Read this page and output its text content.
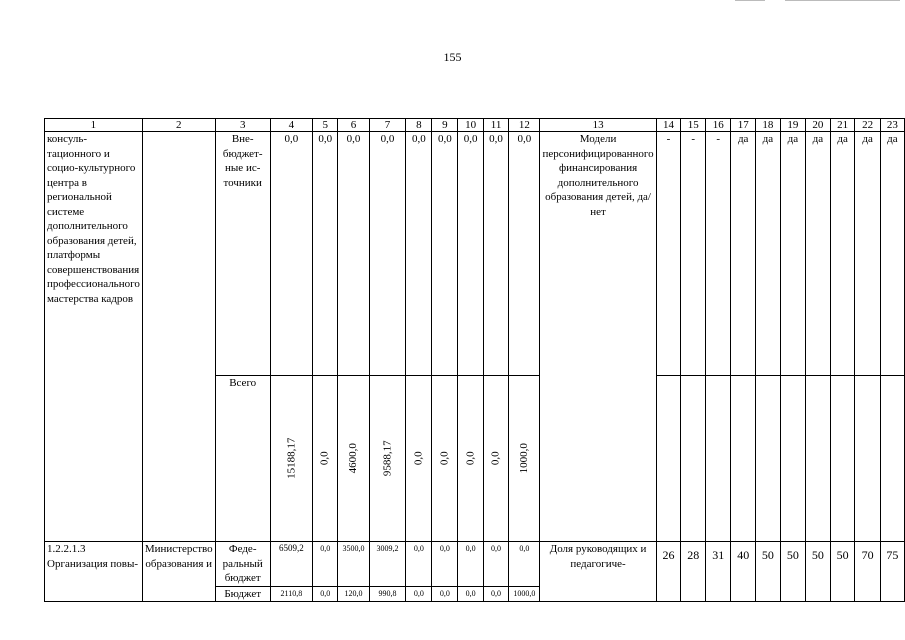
155
1	2	3	4	5	6	7	8	9	10	11	12	13	14	15	16	17	18	19	20	21	22	23
консуль-тационного и социо-культурного центра в региональной системе дополнительного образования детей, платформы совершенствования профессионального мастерства кадров		Вне-бюджет-ные ис-точники	0,0	0,0	0,0	0,0	0,0	0,0	0,0	0,0	0,0	Модели персонифицированного финансирования дополнительного образования детей, да/нет	-	-	-	да	да	да	да	да	да	да
		Всего	15188,17	0,0	4600,0	9588,17	0,0	0,0	0,0	0,0	1000,0											
1.2.2.1.3 Организация повы-	Министерство образования и	Феде-ральный бюджет	6509,2	0,0	3500,0	3009,2	0,0	0,0	0,0	0,0	0,0	Доля руководящих и педагогиче-	26	28	31	40	50	50	50	50	70	75
		Бюджет	2110,8	0,0	120,0	990,8	0,0	0,0	0,0	0,0	1000,0											
